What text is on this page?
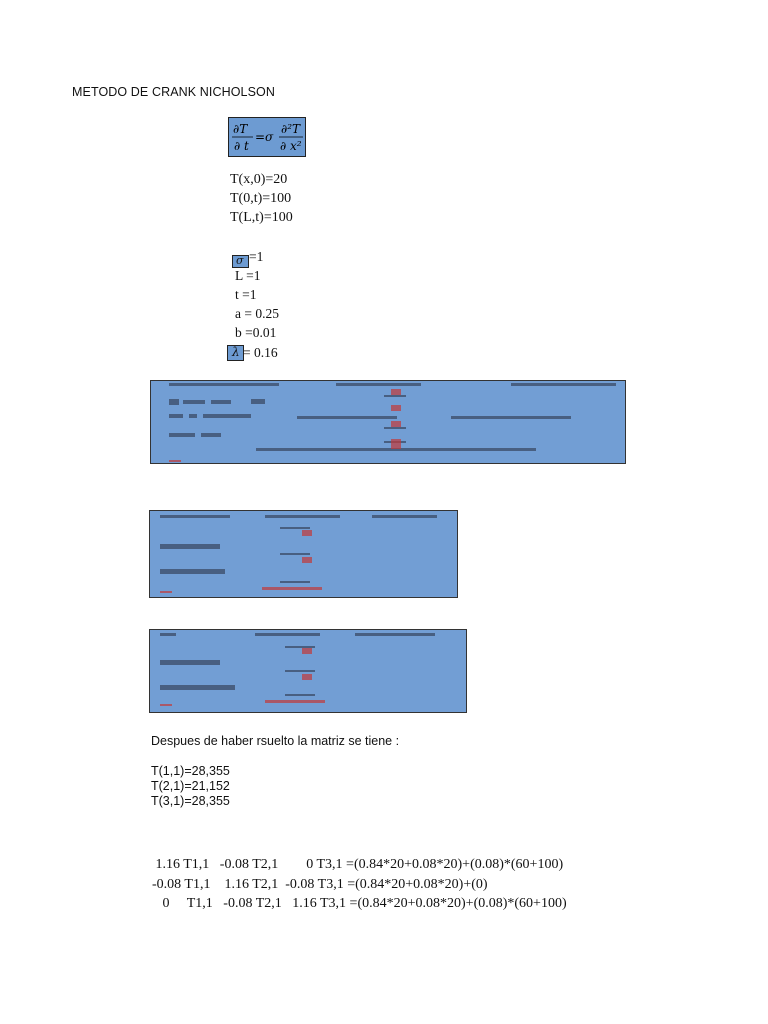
METODO DE CRANK NICHOLSON
∂T
∂ t
=σ
∂²T
∂ x²
T(x,0)=20
T(0,t)=100
T(L,t)=100
σ =1
L =1
t =1
a = 0.25
b =0.01
λ = 0.16
Despues de haber rsuelto la matriz se tiene :
T(1,1)=28,355
T(2,1)=21,152
T(3,1)=28,355
1.16 T1,1   -0.08 T2,1        0 T3,1 =(0.84*20+0.08*20)+(0.08)*(60+100)
-0.08 T1,1    1.16 T2,1  -0.08 T3,1 =(0.84*20+0.08*20)+(0)
0     T1,1   -0.08 T2,1   1.16 T3,1 =(0.84*20+0.08*20)+(0.08)*(60+100)
